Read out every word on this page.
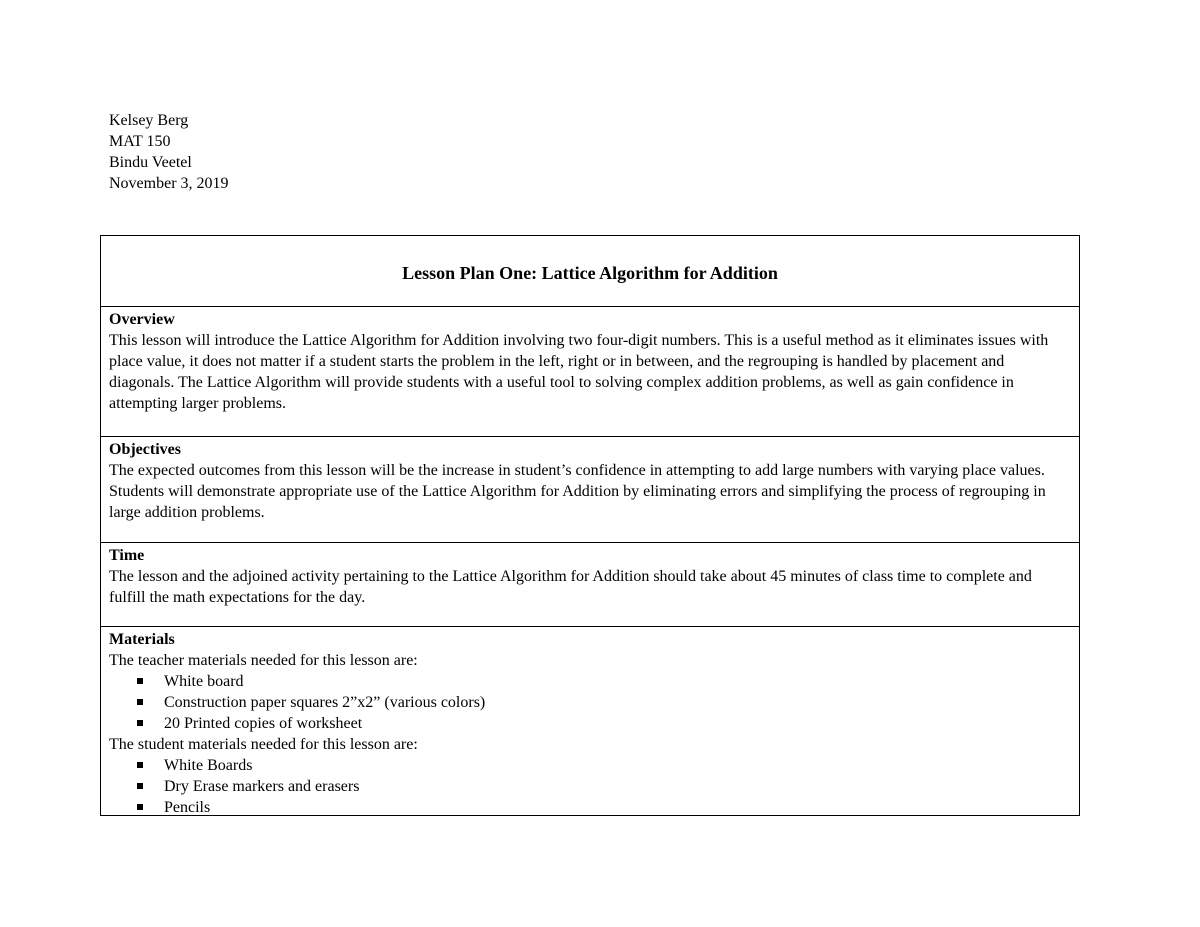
Kelsey Berg
MAT 150
Bindu Veetel
November 3, 2019
Lesson Plan One: Lattice Algorithm for Addition
Overview
This lesson will introduce the Lattice Algorithm for Addition involving two four-digit numbers. This is a useful method as it eliminates issues with place value, it does not matter if a student starts the problem in the left, right or in between, and the regrouping is handled by placement and diagonals. The Lattice Algorithm will provide students with a useful tool to solving complex addition problems, as well as gain confidence in attempting larger problems.
Objectives
The expected outcomes from this lesson will be the increase in student’s confidence in attempting to add large numbers with varying place values. Students will demonstrate appropriate use of the Lattice Algorithm for Addition by eliminating errors and simplifying the process of regrouping in large addition problems.
Time
The lesson and the adjoined activity pertaining to the Lattice Algorithm for Addition should take about 45 minutes of class time to complete and fulfill the math expectations for the day.
Materials
The teacher materials needed for this lesson are:
White board
Construction paper squares 2”x2” (various colors)
20 Printed copies of worksheet
The student materials needed for this lesson are:
White Boards
Dry Erase markers and erasers
Pencils
